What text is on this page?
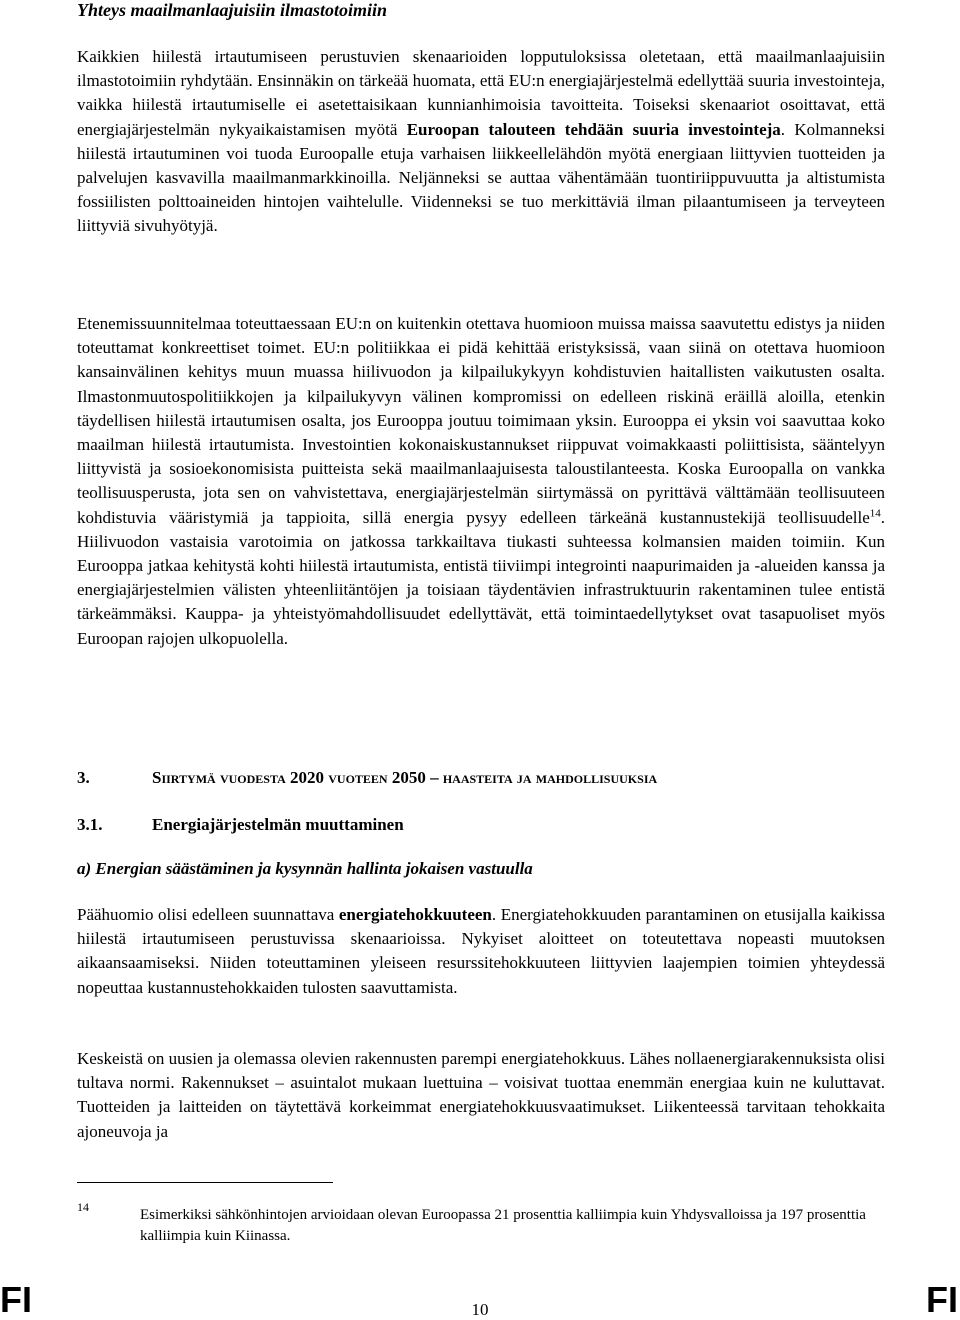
Yhteys maailmanlaajuisiin ilmastotoimiin

Kaikkien hiilestä irtautumiseen perustuvien skenaarioiden lopputuloksissa oletetaan, että maailmanlaajuisiin ilmastotoimiin ryhdytään. Ensinnäkin on tärkeää huomata, että EU:n energiajärjestelmä edellyttää suuria investointeja, vaikka hiilestä irtautumiselle ei asetettaisikaan kunnianhimoisia tavoitteita. Toiseksi skenaariot osoittavat, että energiajärjestelmän nykyaikaistamisen myötä Euroopan talouteen tehdään suuria investointeja. Kolmanneksi hiilestä irtautuminen voi tuoda Euroopalle etuja varhaisen liikkeellelähdön myötä energiaan liittyvien tuotteiden ja palvelujen kasvavilla maailmanmarkkinoilla. Neljänneksi se auttaa vähentämään tuontiriippuvuutta ja altistumista fossiilisten polttoaineiden hintojen vaihtelulle. Viidenneksi se tuo merkittäviä ilman pilaantumiseen ja terveyteen liittyviä sivuhyötyjä.

Etenemissuunnitelmaa toteuttaessaan EU:n on kuitenkin otettava huomioon muissa maissa saavutettu edistys ja niiden toteuttamat konkreettiset toimet. EU:n politiikkaa ei pidä kehittää eristyksissä, vaan siinä on otettava huomioon kansainvälinen kehitys muun muassa hiilivuodon ja kilpailukykyyn kohdistuvien haitallisten vaikutusten osalta. Ilmastonmuutospolitiikkojen ja kilpailukyvyn välinen kompromissi on edelleen riskinä eräillä aloilla, etenkin täydellisen hiilestä irtautumisen osalta, jos Eurooppa joutuu toimimaan yksin. Eurooppa ei yksin voi saavuttaa koko maailman hiilestä irtautumista. Investointien kokonaiskustannukset riippuvat voimakkaasti poliittisista, sääntelyyn liittyvistä ja sosioekonomisista puitteista sekä maailmanlaajuisesta taloustilanteesta. Koska Euroopalla on vankka teollisuusperusta, jota sen on vahvistettava, energiajärjestelmän siirtymässä on pyrittävä välttämään teollisuuteen kohdistuvia vääristymiä ja tappioita, sillä energia pysyy edelleen tärkeänä kustannustekijä teollisuudelle$^{14}$. Hiilivuodon vastaisia varotoimia on jatkossa tarkkailtava tiukasti suhteessa kolmansien maiden toimiin. Kun Eurooppa jatkaa kehitystä kohti hiilestä irtautumista, entistä tiiviimpi integrointi naapurimaiden ja -alueiden kanssa ja energiajärjestelmien välisten yhteenliitäntöjen ja toisiaan täydentävien infrastruktuurin rakentaminen tulee entistä tärkeämmäksi. Kauppa- ja yhteistyömahdollisuudet edellyttävät, että toimintaedellytykset ovat tasapuoliset myös Euroopan rajojen ulkopuolella.

3.	Siirtymä vuodesta 2020 vuoteen 2050 – haasteita ja mahdollisuuksia
3.1.	Energiajärjestelmän muuttaminen
a) Energian säästäminen ja kysynnän hallinta jokaisen vastuulla

Päähuomio olisi edelleen suunnattava energiatehokkuuteen. Energiatehokkuuden parantaminen on etusijalla kaikissa hiilestä irtautumiseen perustuvissa skenaarioissa. Nykyiset aloitteet on toteutettava nopeasti muutoksen aikaansaamiseksi. Niiden toteuttaminen yleiseen resurssitehokkuuteen liittyvien laajempien toimien yhteydessä nopeuttaa kustannustehokkaiden tulosten saavuttamista.

Keskeistä on uusien ja olemassa olevien rakennusten parempi energiatehokkuus. Lähes nollaenergiarakennuksista olisi tultava normi. Rakennukset – asuintalot mukaan luettuina – voisivat tuottaa enemmän energiaa kuin ne kuluttavat. Tuotteiden ja laitteiden on täytettävä korkeimmat energiatehokkuusvaatimukset. Liikenteessä tarvitaan tehokkaita ajoneuvoja ja

14	Esimerkiksi sähkönhintojen arvioidaan olevan Euroopassa 21 prosenttia kalliimpia kuin Yhdysvalloissa ja 197 prosenttia kalliimpia kuin Kiinassa.
FI	10	FI
